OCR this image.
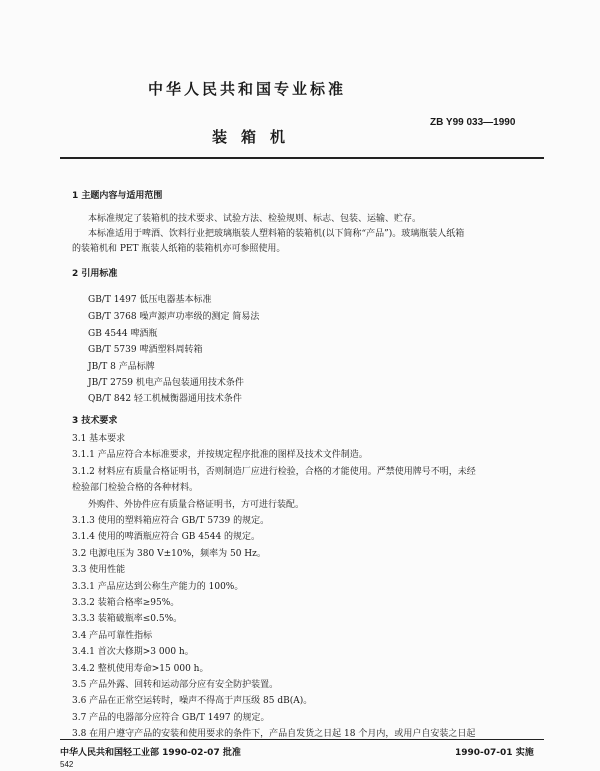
中华人民共和国专业标准
ZB Y99 033—1990
装箱机
1 主题内容与适用范围
本标准规定了装箱机的技术要求、试验方法、检验规则、标志、包装、运输、贮存。
本标准适用于啤酒、饮料行业把玻璃瓶装人塑料箱的装箱机(以下简称“产品”)。玻璃瓶装人纸箱
的装箱机和 PET 瓶装人纸箱的装箱机亦可参照使用。
2 引用标准
GB/T 1497 低压电器基本标准
GB/T 3768 噪声源声功率级的测定 简易法
GB 4544 啤酒瓶
GB/T 5739 啤酒塑料周转箱
JB/T 8 产品标牌
JB/T 2759 机电产品包装通用技术条件
QB/T 842 轻工机械衡器通用技术条件
3 技术要求
3.1 基本要求
3.1.1 产品应符合本标准要求，并按规定程序批准的图样及技术文件制造。
3.1.2 材料应有质量合格证明书，否则制造厂应进行检验，合格的才能使用。严禁使用牌号不明，未经
检验部门检验合格的各种材料。
外购件、外协件应有质量合格证明书，方可进行装配。
3.1.3 使用的塑料箱应符合 GB/T 5739 的规定。
3.1.4 使用的啤酒瓶应符合 GB 4544 的规定。
3.2 电源电压为 380 V±10%，频率为 50 Hz。
3.3 使用性能
3.3.1 产品应达到公称生产能力的 100%。
3.3.2 装箱合格率≥95%。
3.3.3 装箱破瓶率≤0.5%。
3.4 产品可靠性指标
3.4.1 首次大修期>3 000 h。
3.4.2 整机使用寿命>15 000 h。
3.5 产品外露、回转和运动部分应有安全防护装置。
中华人民共和国轻工业部 1990-02-07 批准	1990-07-01 实施
542
3.6 产品在正常空运转时，噪声不得高于声压级 85 dB(A)。
3.7 产品的电器部分应符合 GB/T 1497 的规定。
3.8 在用户遵守产品的安装和使用要求的条件下，产品自发货之日起 18 个月内，或用户自安装之日起
